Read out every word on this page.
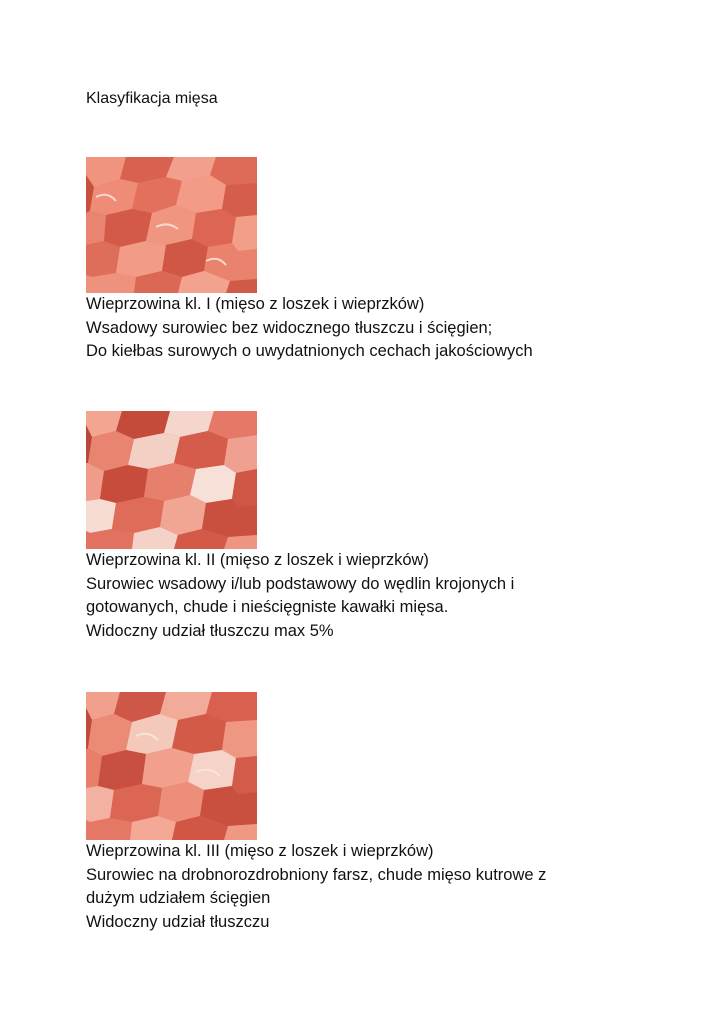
Klasyfikacja mięsa

Wieprzowina kl. I (mięso z loszek i wieprzków)
Wsadowy surowiec bez widocznego tłuszczu i ścięgien;
Do kiełbas surowych o uwydatnionych cechach jakościowych

Wieprzowina kl. II (mięso z loszek i wieprzków)
Surowiec wsadowy i/lub podstawowy do wędlin krojonych i
gotowanych, chude i nieścięgniste kawałki mięsa.
Widoczny udział tłuszczu max 5%

Wieprzowina kl. III (mięso z loszek i wieprzków)
Surowiec na drobnorozdrobniony farsz, chude mięso kutrowe z
dużym udziałem ścięgien
Widoczny udział tłuszczu
